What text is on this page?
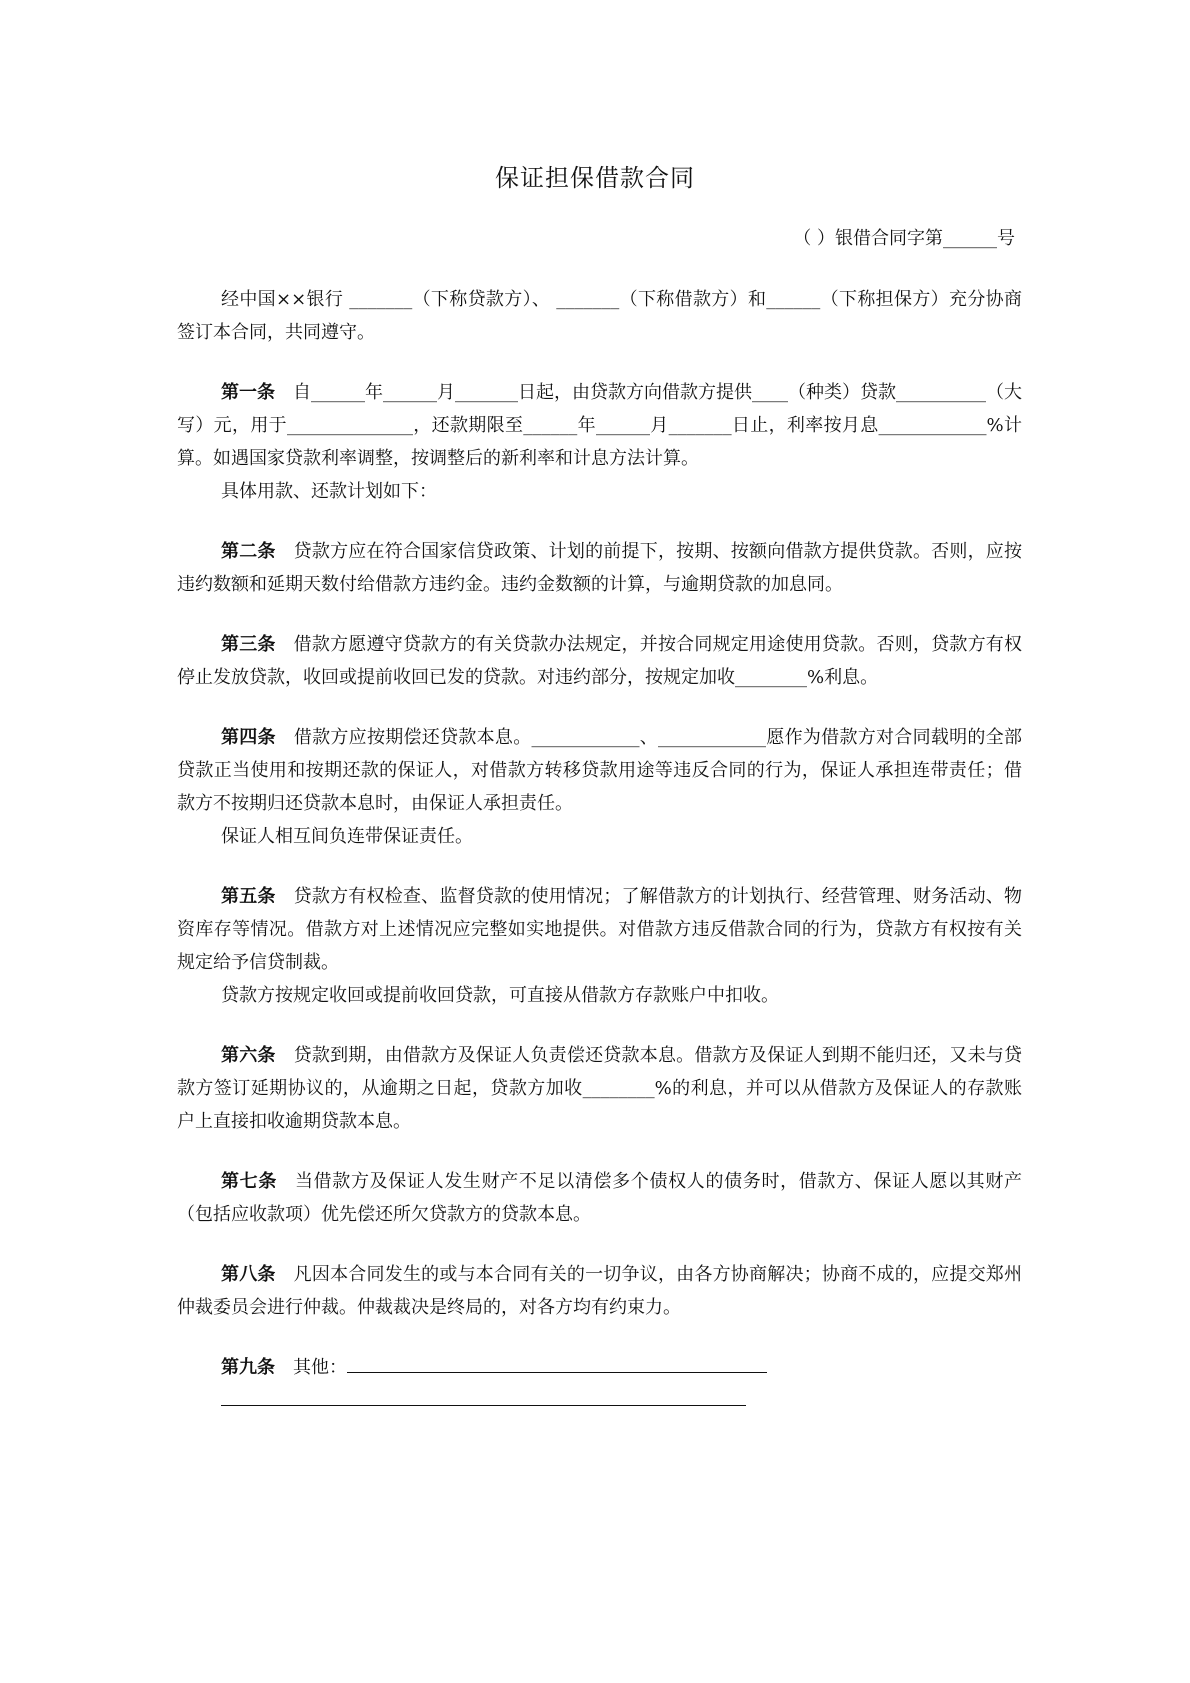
保证担保借款合同
（ ）银借合同字第______号

经中国××银行 _______（下称贷款方）、 _______（下称借款方）和______（下称担保方）充分协商签订本合同，共同遵守。

第一条 自______年______月_______日起，由贷款方向借款方提供____（种类）贷款__________（大写）元，用于______________，还款期限至______年______月_______日止，利率按月息____________%计算。如遇国家贷款利率调整，按调整后的新利率和计息方法计算。

具体用款、还款计划如下：

第二条 贷款方应在符合国家信贷政策、计划的前提下，按期、按额向借款方提供贷款。否则，应按违约数额和延期天数付给借款方违约金。违约金数额的计算，与逾期贷款的加息同。

第三条 借款方愿遵守贷款方的有关贷款办法规定，并按合同规定用途使用贷款。否则，贷款方有权停止发放贷款，收回或提前收回已发的贷款。对违约部分，按规定加收________%利息。

第四条 借款方应按期偿还贷款本息。____________、____________愿作为借款方对合同载明的全部贷款正当使用和按期还款的保证人，对借款方转移贷款用途等违反合同的行为，保证人承担连带责任；借款方不按期归还贷款本息时，由保证人承担责任。

保证人相互间负连带保证责任。

第五条 贷款方有权检查、监督贷款的使用情况；了解借款方的计划执行、经营管理、财务活动、物资库存等情况。借款方对上述情况应完整如实地提供。对借款方违反借款合同的行为，贷款方有权按有关规定给予信贷制裁。

贷款方按规定收回或提前收回贷款，可直接从借款方存款账户中扣收。

第六条 贷款到期，由借款方及保证人负责偿还贷款本息。借款方及保证人到期不能归还，又未与贷款方签订延期协议的，从逾期之日起，贷款方加收________%的利息，并可以从借款方及保证人的存款账户上直接扣收逾期贷款本息。

第七条 当借款方及保证人发生财产不足以清偿多个债权人的债务时，借款方、保证人愿以其财产（包括应收款项）优先偿还所欠贷款方的贷款本息。

第八条 凡因本合同发生的或与本合同有关的一切争议，由各方协商解决；协商不成的，应提交郑州仲裁委员会进行仲裁。仲裁裁决是终局的，对各方均有约束力。

第九条 其他：
